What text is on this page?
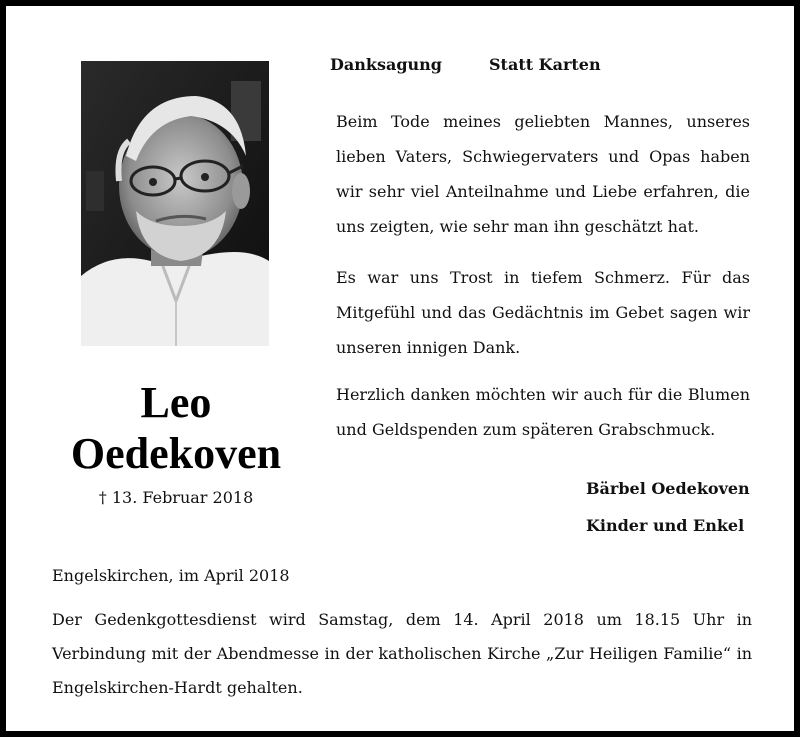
Leo
Oedekoven
† 13. Februar 2018
Danksagung	Statt Karten

Beim Tode meines geliebten Mannes, unseres lieben Vaters, Schwiegervaters und Opas haben wir sehr viel Anteilnahme und Liebe erfahren, die uns zeigten, wie sehr man ihn geschätzt hat.

Es war uns Trost in tiefem Schmerz. Für das Mitgefühl und das Gedächtnis im Gebet sagen wir unseren innigen Dank.

Herzlich danken möchten wir auch für die Blumen und Geldspenden zum späteren Grabschmuck.

Bärbel Oedekoven
Kinder und Enkel

Engelskirchen, im April 2018

Der Gedenkgottesdienst wird Samstag, dem 14. April 2018 um 18.15 Uhr in Verbindung mit der Abendmesse in der katholischen Kirche „Zur Heiligen Familie“ in Engelskirchen-Hardt gehalten.
